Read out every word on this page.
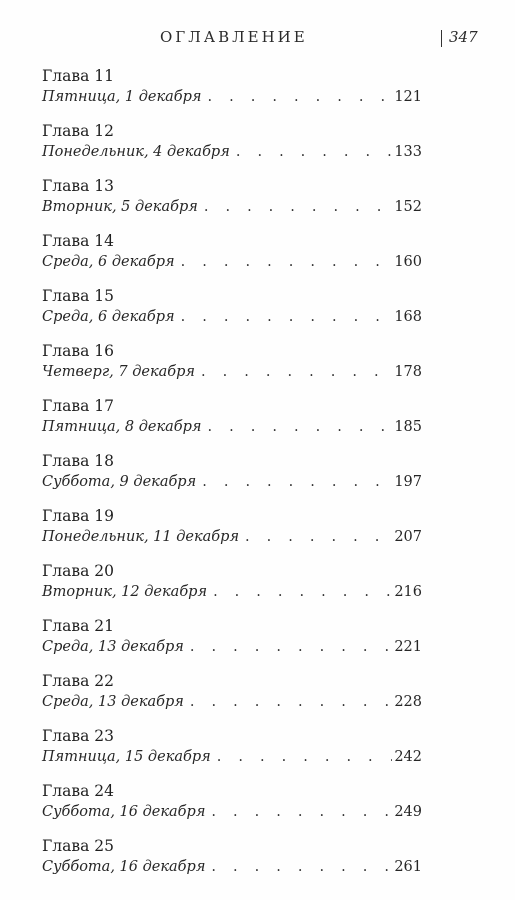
ОГЛАВЛЕНИЕ	347
Глава 11
Пятница, 1 декабря . . .	121
Глава 12
Понедельник, 4 декабря . . .	133
Глава 13
Вторник, 5 декабря . . .	152
Глава 14
Среда, 6 декабря . . .	160
Глава 15
Среда, 6 декабря . . .	168
Глава 16
Четверг, 7 декабря . . .	178
Глава 17
Пятница, 8 декабря . . .	185
Глава 18
Суббота, 9 декабря . . .	197
Глава 19
Понедельник, 11 декабря . . .	207
Глава 20
Вторник, 12 декабря . . .	216
Глава 21
Среда, 13 декабря . . .	221
Глава 22
Среда, 13 декабря . . .	228
Глава 23
Пятница, 15 декабря . . .	242
Глава 24
Суббота, 16 декабря . . .	249
Глава 25
Суббота, 16 декабря . . .	261
